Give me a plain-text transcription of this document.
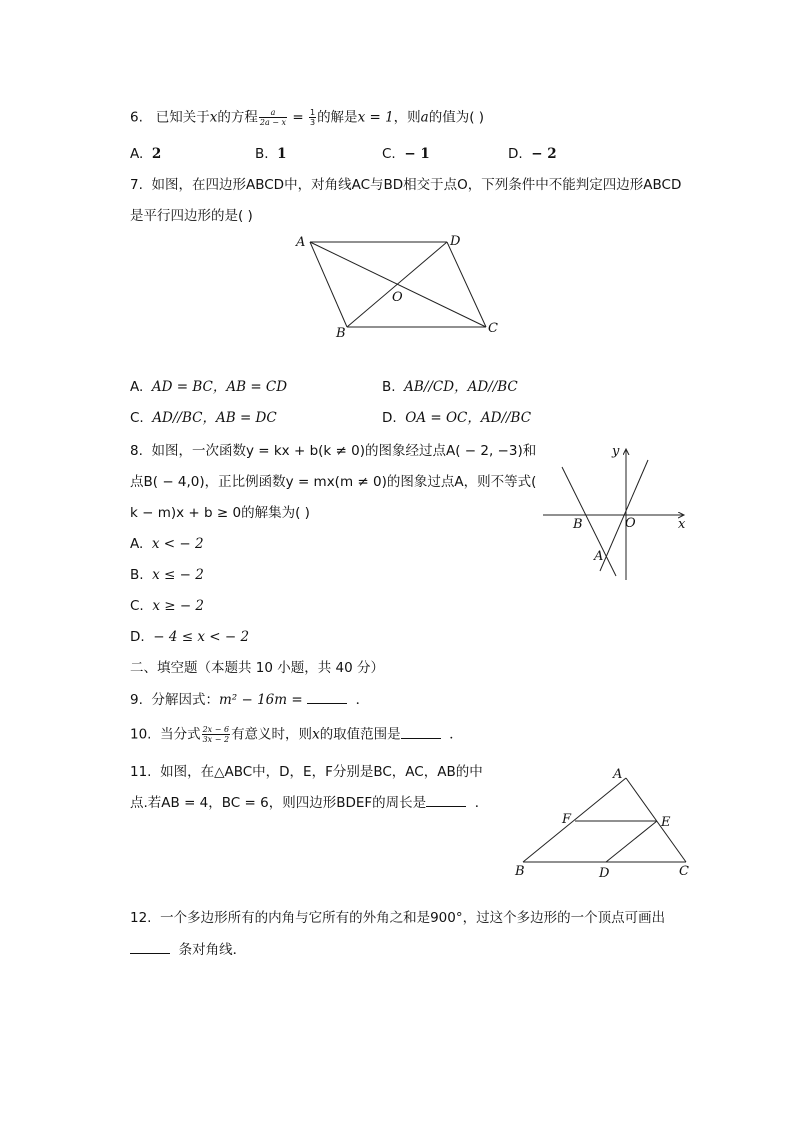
6. 已知关于x的方程 $\frac{a}{2a - x} = \frac{1}{3}$ 的解是x = 1，则a的值为( )
A. 2	B. 1	C. − 1	D. − 2
7. 如图，在四边形ABCD中，对角线AC与BD相交于点O，下列条件中不能判定四边形ABCD
是平行四边形的是( )
A	D
O
B	C
A. AD = BC，AB = CD	B. AB//CD，AD//BC
C. AD//BC，AB = DC	D. OA = OC，AD//BC
8. 如图，一次函数y = kx + b(k ≠ 0)的图象经过点A( − 2, −3)和
点B( − 4,0)，正比例函数y = mx(m ≠ 0)的图象过点A，则不等式(
k − m)x + b ≥ 0的解集为( )
y
x
B	O
A
A. x < − 2
B. x ≤ − 2
C. x ≥ − 2
D. − 4 ≤ x < − 2
二、填空题（本题共 10 小题，共 40 分）
9. 分解因式：m² − 16m =	．
10. 当分式 $\frac{2x - 6}{3x - 2}$ 有意义时，则x的取值范围是	．
11. 如图，在△ABC中，D，E，F分别是BC，AC，AB的中
点.若AB = 4，BC = 6，则四边形BDEF的周长是	．
A
F	E
B	D	C
12. 一个多边形所有的内角与它所有的外角之和是900°，过这个多边形的一个顶点可画出
条对角线．
